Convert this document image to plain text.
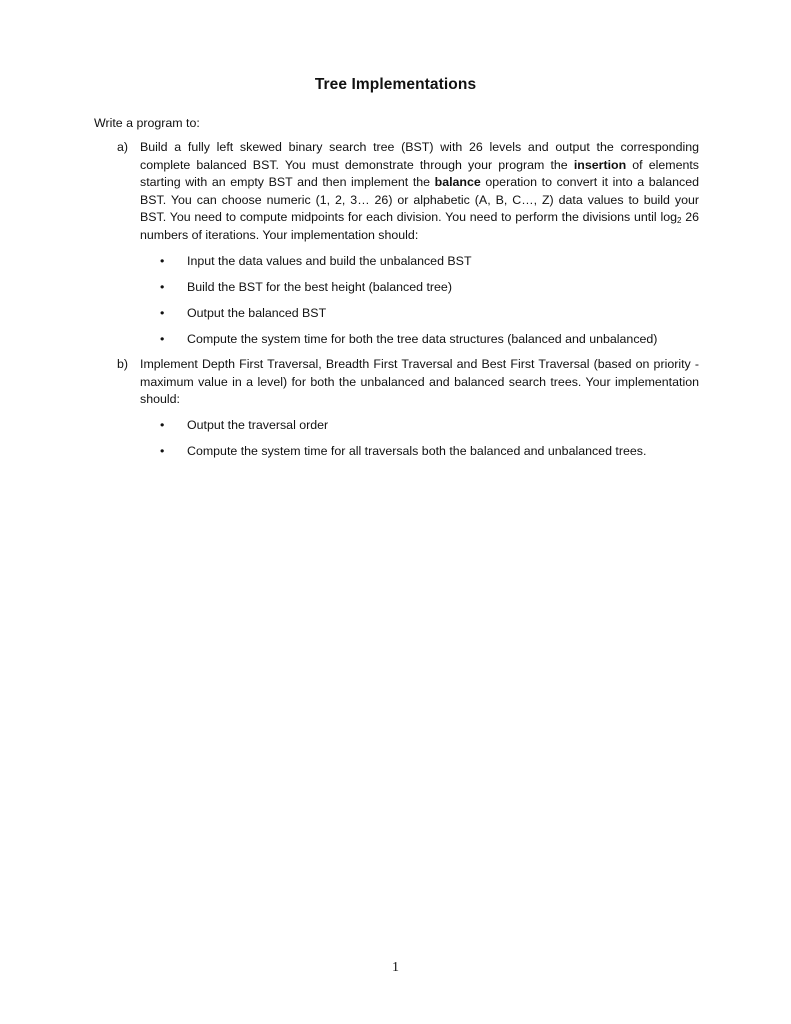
Tree Implementations
Write a program to:
a) Build a fully left skewed binary search tree (BST) with 26 levels and output the corresponding complete balanced BST. You must demonstrate through your program the insertion of elements starting with an empty BST and then implement the balance operation to convert it into a balanced BST. You can choose numeric (1, 2, 3… 26) or alphabetic (A, B, C…, Z) data values to build your BST. You need to compute midpoints for each division. You need to perform the divisions until $\log_2 26$ numbers of iterations. Your implementation should:
• Input the data values and build the unbalanced BST
• Build the BST for the best height (balanced tree)
• Output the balanced BST
• Compute the system time for both the tree data structures (balanced and unbalanced)
b) Implement Depth First Traversal, Breadth First Traversal and Best First Traversal (based on priority - maximum value in a level) for both the unbalanced and balanced search trees. Your implementation should:
• Output the traversal order
• Compute the system time for all traversals both the balanced and unbalanced trees.
1
